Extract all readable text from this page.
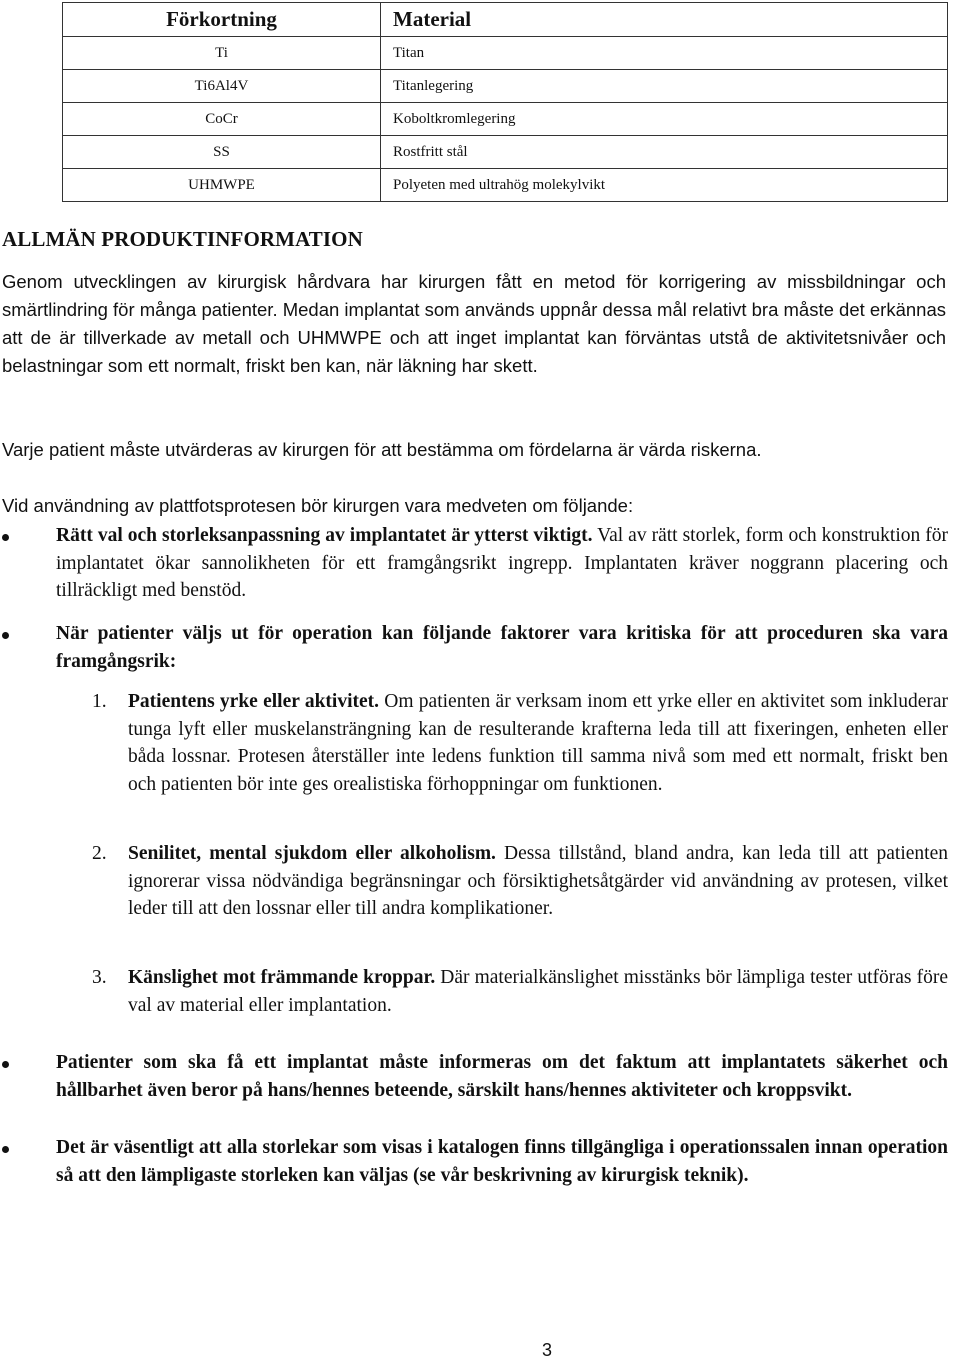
Förkortning	Material
Ti	Titan
Ti6Al4V	Titanlegering
CoCr	Koboltkromlegering
SS	Rostfritt stål
UHMWPE	Polyeten med ultrahög molekylvikt
ALLMÄN PRODUKTINFORMATION
Genom utvecklingen av kirurgisk hårdvara har kirurgen fått en metod för korrigering av missbildningar och smärtlindring för många patienter. Medan implantat som används uppnår dessa mål relativt bra måste det erkännas att de är tillverkade av metall och UHMWPE och att inget implantat kan förväntas utstå de aktivitetsnivåer och belastningar som ett normalt, friskt ben kan, när läkning har skett.
Varje patient måste utvärderas av kirurgen för att bestämma om fördelarna är värda riskerna.
Vid användning av plattfotsprotesen bör kirurgen vara medveten om följande:
Rätt val och storleksanpassning av implantatet är ytterst viktigt. Val av rätt storlek, form och konstruktion för implantatet ökar sannolikheten för ett framgångsrikt ingrepp. Implantaten kräver noggrann placering och tillräckligt med benstöd.
När patienter väljs ut för operation kan följande faktorer vara kritiska för att proceduren ska vara framgångsrik:
1. Patientens yrke eller aktivitet. Om patienten är verksam inom ett yrke eller en aktivitet som inkluderar tunga lyft eller muskelansträngning kan de resulterande krafterna leda till att fixeringen, enheten eller båda lossnar. Protesen återställer inte ledens funktion till samma nivå som med ett normalt, friskt ben och patienten bör inte ges orealistiska förhoppningar om funktionen.
2. Senilitet, mental sjukdom eller alkoholism. Dessa tillstånd, bland andra, kan leda till att patienten ignorerar vissa nödvändiga begränsningar och försiktighetsåtgärder vid användning av protesen, vilket leder till att den lossnar eller till andra komplikationer.
3. Känslighet mot främmande kroppar. Där materialkänslighet misstänks bör lämpliga tester utföras före val av material eller implantation.
Patienter som ska få ett implantat måste informeras om det faktum att implantatets säkerhet och hållbarhet även beror på hans/hennes beteende, särskilt hans/hennes aktiviteter och kroppsvikt.
Det är väsentligt att alla storlekar som visas i katalogen finns tillgängliga i operationssalen innan operation så att den lämpligaste storleken kan väljas (se vår beskrivning av kirurgisk teknik).
3
